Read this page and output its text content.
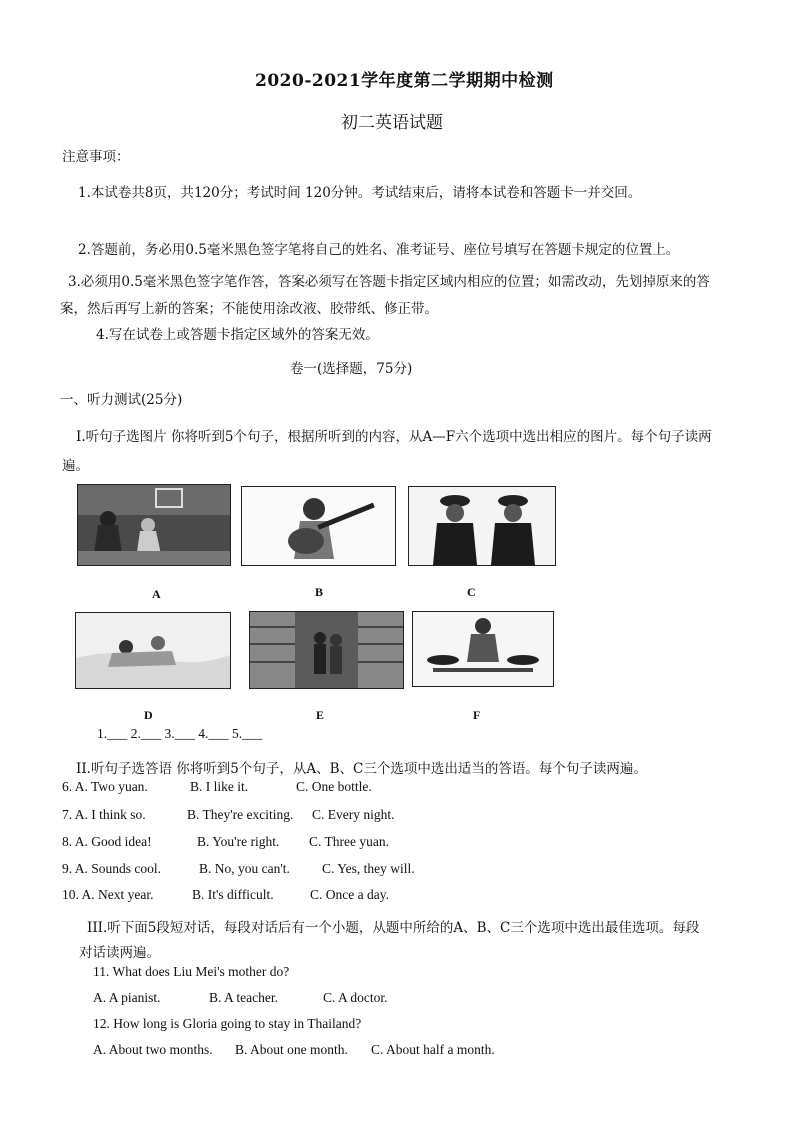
2020-2021学年度第二学期期中检测
初二英语试题
注意事项：
1.本试卷共8页，共120分；考试时间 120分钟。考试结束后，请将本试卷和答题卡一并交回。
2.答题前，务必用0.5毫米黑色签字笔将自己的姓名、准考证号、座位号填写在答题卡规定的位置上。
3.必须用0.5毫米黑色签字笔作答，答案必须写在答题卡指定区域内相应的位置；如需改动，先划掉原来的答
案，然后再写上新的答案；不能使用涂改液、胶带纸、修正带。
4.写在试卷上或答题卡指定区域外的答案无效。
卷一(选择题，75分)
一、听力测试(25分)
I.听句子选图片 你将听到5个句子，根据所听到的内容，从A—F六个选项中选出相应的图片。每个句子读两
遍。
A	B	C
D	E	F
1.___ 2.___ 3.___ 4.___ 5.___
II.听句子选答语 你将听到5个句子，从A、B、C三个选项中选出适当的答语。每个句子读两遍。
6. A. Two yuan.	B. I like it.	C. One bottle.
7. A. I think so.	B. They're exciting. C. Every night.
8. A. Good idea!	B. You're right. C. Three yuan.
9. A. Sounds cool.	B. No, you can't. C. Yes, they will.
10. A. Next year.	B. It's difficult.	C. Once a day.
III.听下面5段短对话，每段对话后有一个小题，从题中所给的A、B、C三个选项中选出最佳选项。每段
对话读两遍。
11. What does Liu Mei's mother do?
A. A pianist.	B. A teacher.	C. A doctor.
12. How long is Gloria going to stay in Thailand?
A. About two months. B. About one month. C. About half a month.
